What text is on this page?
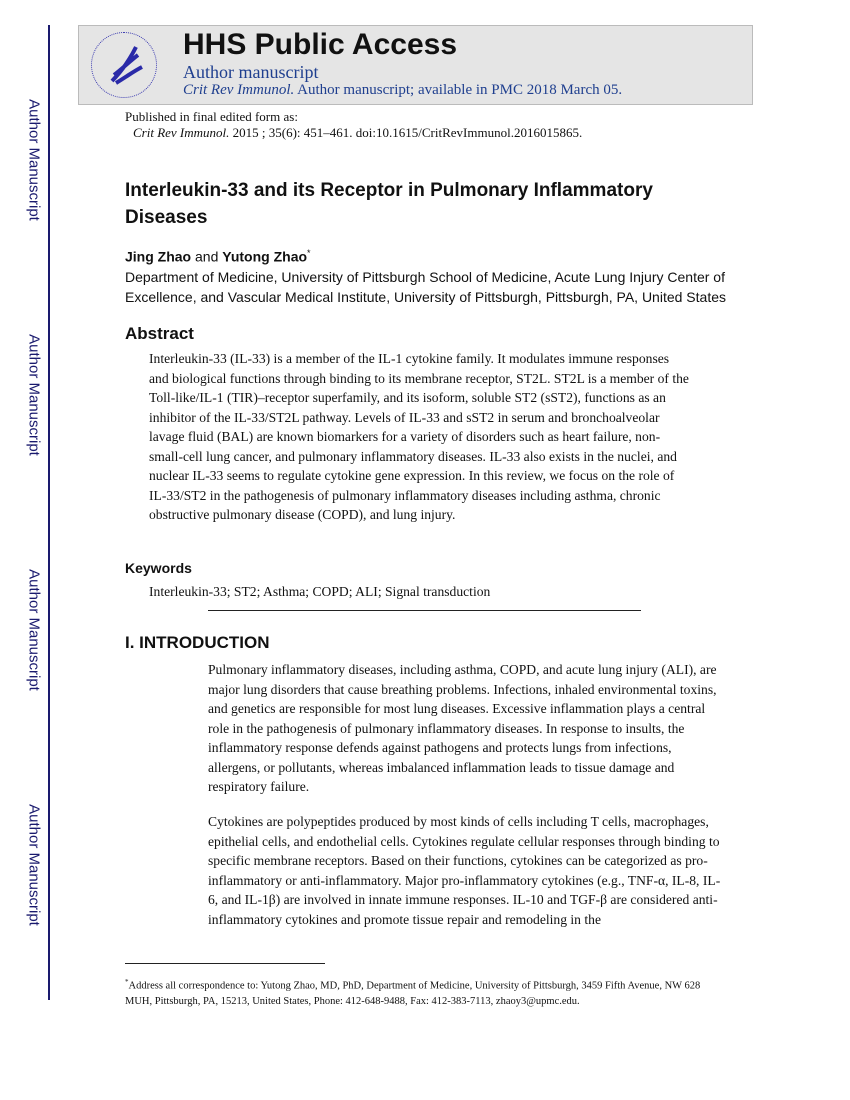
Author Manuscript
Author Manuscript
Author Manuscript
Author Manuscript
HHS Public Access
Author manuscript
Crit Rev Immunol. Author manuscript; available in PMC 2018 March 05.
Published in final edited form as:
Crit Rev Immunol. 2015 ; 35(6): 451–461. doi:10.1615/CritRevImmunol.2016015865.
Interleukin-33 and its Receptor in Pulmonary Inflammatory Diseases
Jing Zhao and Yutong Zhao*
Department of Medicine, University of Pittsburgh School of Medicine, Acute Lung Injury Center of Excellence, and Vascular Medical Institute, University of Pittsburgh, Pittsburgh, PA, United States
Abstract
Interleukin-33 (IL-33) is a member of the IL-1 cytokine family. It modulates immune responses and biological functions through binding to its membrane receptor, ST2L. ST2L is a member of the Toll-like/IL-1 (TIR)–receptor superfamily, and its isoform, soluble ST2 (sST2), functions as an inhibitor of the IL-33/ST2L pathway. Levels of IL-33 and sST2 in serum and bronchoalveolar lavage fluid (BAL) are known biomarkers for a variety of disorders such as heart failure, non-small-cell lung cancer, and pulmonary inflammatory diseases. IL-33 also exists in the nuclei, and nuclear IL-33 seems to regulate cytokine gene expression. In this review, we focus on the role of IL-33/ST2 in the pathogenesis of pulmonary inflammatory diseases including asthma, chronic obstructive pulmonary disease (COPD), and lung injury.
Keywords
Interleukin-33; ST2; Asthma; COPD; ALI; Signal transduction
I. INTRODUCTION
Pulmonary inflammatory diseases, including asthma, COPD, and acute lung injury (ALI), are major lung disorders that cause breathing problems. Infections, inhaled environmental toxins, and genetics are responsible for most lung diseases. Excessive inflammation plays a central role in the pathogenesis of pulmonary inflammatory diseases. In response to insults, the inflammatory response defends against pathogens and protects lungs from infections, allergens, or pollutants, whereas imbalanced inflammation leads to tissue damage and respiratory failure.
Cytokines are polypeptides produced by most kinds of cells including T cells, macrophages, epithelial cells, and endothelial cells. Cytokines regulate cellular responses through binding to specific membrane receptors. Based on their functions, cytokines can be categorized as pro-inflammatory or anti-inflammatory. Major pro-inflammatory cytokines (e.g., TNF-α, IL-8, IL-6, and IL-1β) are involved in innate immune responses. IL-10 and TGF-β are considered anti-inflammatory cytokines and promote tissue repair and remodeling in the
*Address all correspondence to: Yutong Zhao, MD, PhD, Department of Medicine, University of Pittsburgh, 3459 Fifth Avenue, NW 628 MUH, Pittsburgh, PA, 15213, United States, Phone: 412-648-9488, Fax: 412-383-7113, zhaoy3@upmc.edu.
